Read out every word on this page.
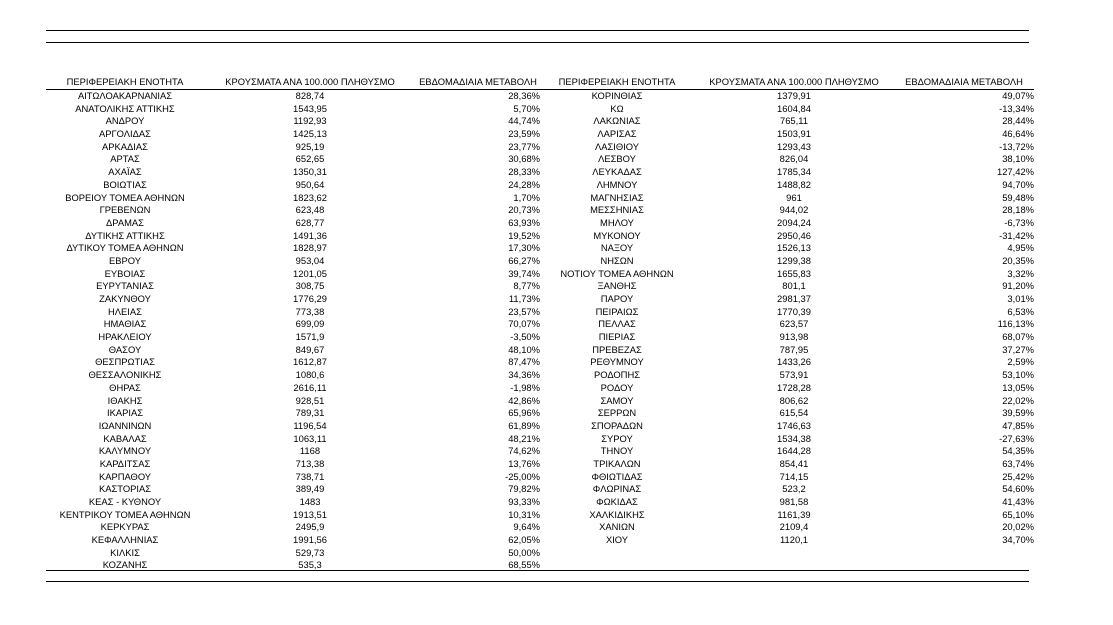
ΠΕΡΙΦΕΡΕΙΑΚΗ ΕΝΟΤΗΤΑ	ΚΡΟΥΣΜΑΤΑ ΑΝΑ 100.000 ΠΛΗΘΥΣΜΟ	ΕΒΔΟΜΑΔΙΑΙΑ ΜΕΤΑΒΟΛΗ
ΑΙΤΩΛΟΑΚΑΡΝΑΝΙΑΣ	828,74	28,36%
ΑΝΑΤΟΛΙΚΗΣ ΑΤΤΙΚΗΣ	1543,95	5,70%
ΑΝΔΡΟΥ	1192,93	44,74%
ΑΡΓΟΛΙΔΑΣ	1425,13	23,59%
ΑΡΚΑΔΙΑΣ	925,19	23,77%
ΑΡΤΑΣ	652,65	30,68%
ΑΧΑΪΑΣ	1350,31	28,33%
ΒΟΙΩΤΙΑΣ	950,64	24,28%
ΒΟΡΕΙΟΥ ΤΟΜΕΑ ΑΘΗΝΩΝ	1823,62	1,70%
ΓΡΕΒΕΝΩΝ	623,48	20,73%
ΔΡΑΜΑΣ	628,77	63,93%
ΔΥΤΙΚΗΣ ΑΤΤΙΚΗΣ	1491,36	19,52%
ΔΥΤΙΚΟΥ ΤΟΜΕΑ ΑΘΗΝΩΝ	1828,97	17,30%
ΕΒΡΟΥ	953,04	66,27%
ΕΥΒΟΙΑΣ	1201,05	39,74%
ΕΥΡΥΤΑΝΙΑΣ	308,75	8,77%
ΖΑΚΥΝΘΟΥ	1776,29	11,73%
ΗΛΕΙΑΣ	773,38	23,57%
ΗΜΑΘΙΑΣ	699,09	70,07%
ΗΡΑΚΛΕΙΟΥ	1571,9	-3,50%
ΘΑΣΟΥ	849,67	48,10%
ΘΕΣΠΡΩΤΙΑΣ	1612,87	87,47%
ΘΕΣΣΑΛΟΝΙΚΗΣ	1080,6	34,36%
ΘΗΡΑΣ	2616,11	-1,98%
ΙΘΑΚΗΣ	928,51	42,86%
ΙΚΑΡΙΑΣ	789,31	65,96%
ΙΩΑΝΝΙΝΩΝ	1196,54	61,89%
ΚΑΒΑΛΑΣ	1063,11	48,21%
ΚΑΛΥΜΝΟΥ	1168	74,62%
ΚΑΡΔΙΤΣΑΣ	713,38	13,76%
ΚΑΡΠΑΘΟΥ	738,71	-25,00%
ΚΑΣΤΟΡΙΑΣ	389,49	79,82%
ΚΕΑΣ - ΚΥΘΝΟΥ	1483	93,33%
ΚΕΝΤΡΙΚΟΥ ΤΟΜΕΑ ΑΘΗΝΩΝ	1913,51	10,31%
ΚΕΡΚΥΡΑΣ	2495,9	9,64%
ΚΕΦΑΛΛΗΝΙΑΣ	1991,56	62,05%
ΚΙΛΚΙΣ	529,73	50,00%
ΚΟΖΑΝΗΣ	535,3	68,55%
ΠΕΡΙΦΕΡΕΙΑΚΗ ΕΝΟΤΗΤΑ	ΚΡΟΥΣΜΑΤΑ ΑΝΑ 100.000 ΠΛΗΘΥΣΜΟ	ΕΒΔΟΜΑΔΙΑΙΑ ΜΕΤΑΒΟΛΗ
ΚΟΡΙΝΘΙΑΣ	1379,91	49,07%
ΚΩ	1604,84	-13,34%
ΛΑΚΩΝΙΑΣ	765,11	28,44%
ΛΑΡΙΣΑΣ	1503,91	46,64%
ΛΑΣΙΘΙΟΥ	1293,43	-13,72%
ΛΕΣΒΟΥ	826,04	38,10%
ΛΕΥΚΑΔΑΣ	1785,34	127,42%
ΛΗΜΝΟΥ	1488,82	94,70%
ΜΑΓΝΗΣΙΑΣ	961	59,48%
ΜΕΣΣΗΝΙΑΣ	944,02	28,18%
ΜΗΛΟΥ	2094,24	-6,73%
ΜΥΚΟΝΟΥ	2950,46	-31,42%
ΝΑΞΟΥ	1526,13	4,95%
ΝΗΣΩΝ	1299,38	20,35%
ΝΟΤΙΟΥ ΤΟΜΕΑ ΑΘΗΝΩΝ	1655,83	3,32%
ΞΑΝΘΗΣ	801,1	91,20%
ΠΑΡΟΥ	2981,37	3,01%
ΠΕΙΡΑΙΩΣ	1770,39	6,53%
ΠΕΛΛΑΣ	623,57	116,13%
ΠΙΕΡΙΑΣ	913,98	68,07%
ΠΡΕΒΕΖΑΣ	787,95	37,27%
ΡΕΘΥΜΝΟΥ	1433,26	2,59%
ΡΟΔΟΠΗΣ	573,91	53,10%
ΡΟΔΟΥ	1728,28	13,05%
ΣΑΜΟΥ	806,62	22,02%
ΣΕΡΡΩΝ	615,54	39,59%
ΣΠΟΡΑΔΩΝ	1746,63	47,85%
ΣΥΡΟΥ	1534,38	-27,63%
ΤΗΝΟΥ	1644,28	54,35%
ΤΡΙΚΑΛΩΝ	854,41	63,74%
ΦΘΙΩΤΙΔΑΣ	714,15	25,42%
ΦΛΩΡΙΝΑΣ	523,2	54,60%
ΦΩΚΙΔΑΣ	981,58	41,43%
ΧΑΛΚΙΔΙΚΗΣ	1161,39	65,10%
ΧΑΝΙΩΝ	2109,4	20,02%
ΧΙΟΥ	1120,1	34,70%
